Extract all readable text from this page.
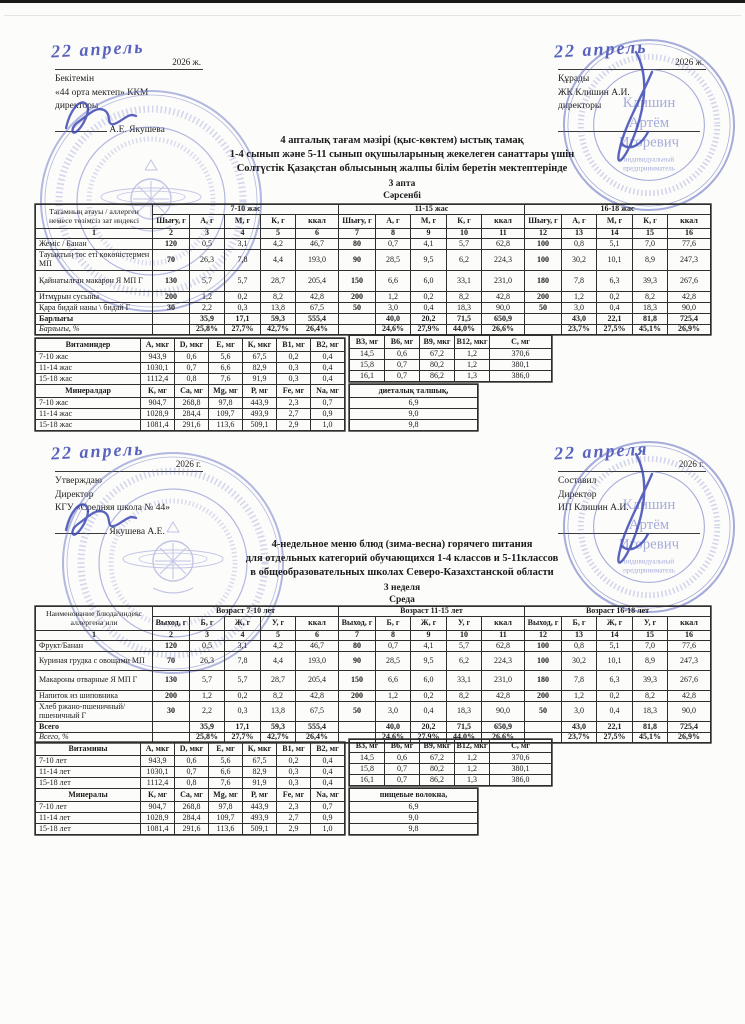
22 апрель
2026 ж.
Бекітемін
«44 орта мектеп» ККМ
директоры
А.Е. Якушева
22 апрель
2026 ж.
Құрады
ЖК Клишин А.И.
директоры	Клишин
Артём
Игоревич
индивидуальный
предприниматель
4 апталық тағам мәзірі (қыс-көктем) ыстық тамақ
1-4 сынып және 5-11 сынып оқушыларының жекелеген санаттары үшін
Солтүстік Қазақстан облысының жалпы білім беретін мектептерінде
3 апта
Сәрсенбі
Тағамның атауы / аллерген немесе төзімсіз зат индексі	7-10 жас					11-15 жас					16-18 жас				
	Шығу, г	А, г	М, г	К, г	ккал	Шығу, г	А, г	М, г	К, г	ккал	Шығу, г	А, г	М, г	К, г	ккал
1	2	3	4	5	6	7	8	9	10	11	12	13	14	15	16
Жеміс / Банан	120	0,5	3,1	4,2	46,7	80	0,7	4,1	5,7	62,8	100	0,8	5,1	7,0	77,6
Тауықтың төс еті көкөністермен МП	70	26,3	7,8	4,4	193,0	90	28,5	9,5	6,2	224,3	100	30,2	10,1	8,9	247,3
Қайнатылған макарон Я МП Г	130	5,7	5,7	28,7	205,4	150	6,6	6,0	33,1	231,0	180	7,8	6,3	39,3	267,6
Итмұрын сусыны	200	1,2	0,2	8,2	42,8	200	1,2	0,2	8,2	42,8	200	1,2	0,2	8,2	42,8
Қара бидай наны \ бидай Г	30	2,2	0,3	13,8	67,5	50	3,0	0,4	18,3	90,0	50	3,0	0,4	18,3	90,0
Барлығы		35,9	17,1	59,3	555,4		40,0	20,2	71,5	650,9		43,0	22,1	81,8	725,4
Барлығы, %		25,8%	27,7%	42,7%	26,4%		24,6%	27,9%	44,0%	26,6%		23,7%	27,5%	45,1%	26,9%
Витаминдер	А, мкг	D, мкг	Е, мг	К, мкг	В1, мг	В2, мг
7-10 жас	943,9	0,6	5,6	67,5	0,2	0,4
11-14 жас	1030,1	0,7	6,6	82,9	0,3	0,4
15-18 жас	1112,4	0,8	7,6	91,9	0,3	0,4
Минералдар	К, мг	Са, мг	Mg, мг	Р, мг	Fe, мг	Na, мг
7-10 жас	904,7	268,8	97,8	443,9	2,3	0,7
11-14 жас	1028,9	284,4	109,7	493,9	2,7	0,9
15-18 жас	1081,4	291,6	113,6	509,1	2,9	1,0
В3, мг	В6, мг	В9, мкг	В12, мкг	С, мг
14,5	0,6	67,2	1,2	370,6
15,8	0,7	80,2	1,2	380,1
16,1	0,7	86,2	1,3	386,0
диеталық талшық,
6,9
9,0
9,8
22 апрель
2026 г.
Утверждаю
Директор
КГУ «Средняя школа № 44»
Якушева А.Е.
22 апреля
2026 г.
Составил
Директор
ИП Клишин А.И.
Клишин
Артём
Игоревич
индивидуальный
предприниматель
4-недельное меню блюд (зима-весна) горячего питания
для отдельных категорий обучающихся 1-4 классов и 5-11классов
в общеобразовательных школах Северо-Казахстанской области
3 неделя
Среда
Наименование блюда/индекс аллергена или	Возраст 7-10 лет					Возраст 11-15 лет					Возраст 16-18 лет				
	Выход, г	Б, г	Ж, г	У, г	ккал	Выход, г	Б, г	Ж, г	У, г	ккал	Выход, г	Б, г	Ж, г	У, г	ккал
1	2	3	4	5	6	7	8	9	10	11	12	13	14	15	16
Фрукт/Банан	120	0,5	3,1	4,2	46,7	80	0,7	4,1	5,7	62,8	100	0,8	5,1	7,0	77,6
Куриная грудка с овощами МП	70	26,3	7,8	4,4	193,0	90	28,5	9,5	6,2	224,3	100	30,2	10,1	8,9	247,3
Макароны отварные Я МП Г	130	5,7	5,7	28,7	205,4	150	6,6	6,0	33,1	231,0	180	7,8	6,3	39,3	267,6
Напиток из шиповника	200	1,2	0,2	8,2	42,8	200	1,2	0,2	8,2	42,8	200	1,2	0,2	8,2	42,8
Хлеб ржано-пшеничный/пшеничный Г	30	2,2	0,3	13,8	67,5	50	3,0	0,4	18,3	90,0	50	3,0	0,4	18,3	90,0
Всего		35,9	17,1	59,3	555,4		40,0	20,2	71,5	650,9		43,0	22,1	81,8	725,4
Всего, %		25,8%	27,7%	42,7%	26,4%		24,6%	27,9%	44,0%	26,6%		23,7%	27,5%	45,1%	26,9%
Витамины	А, мкг	D, мкг	Е, мг	К, мкг	В1, мг	В2, мг
7-10 лет	943,9	0,6	5,6	67,5	0,2	0,4
11-14 лет	1030,1	0,7	6,6	82,9	0,3	0,4
15-18 лет	1112,4	0,8	7,6	91,9	0,3	0,4
Минералы	К, мг	Са, мг	Mg, мг	Р, мг	Fe, мг	Na, мг
7-10 лет	904,7	268,8	97,8	443,9	2,3	0,7
11-14 лет	1028,9	284,4	109,7	493,9	2,7	0,9
15-18 лет	1081,4	291,6	113,6	509,1	2,9	1,0
В3, мг	В6, мг	В9, мкг	В12, мкг	С, мг
14,5	0,6	67,2	1,2	370,6
15,8	0,7	80,2	1,2	380,1
16,1	0,7	86,2	1,3	386,0
пищевые волокна,
6,9
9,0
9,8
